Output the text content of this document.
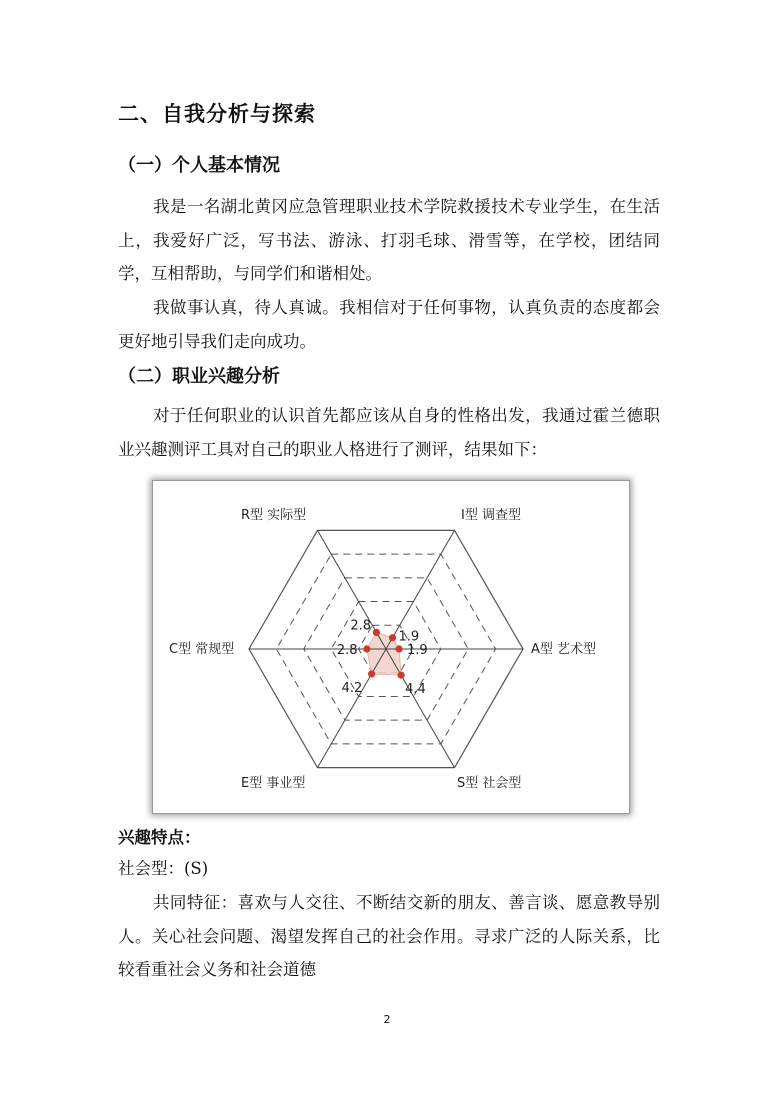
二、自我分析与探索
（一）个人基本情况

我是一名湖北黄冈应急管理职业技术学院救援技术专业学生，在生活上，我爱好广泛，写书法、游泳、打羽毛球、滑雪等，在学校，团结同学，互相帮助，与同学们和谐相处。

我做事认真，待人真诚。我相信对于任何事物，认真负责的态度都会更好地引导我们走向成功。

（二）职业兴趣分析

对于任何职业的认识首先都应该从自身的性格出发，我通过霍兰德职业兴趣测评工具对自己的职业人格进行了测评，结果如下：

2.8
1.9
1.9
4.4
4.2
2.8
R型 实际型	I型 调查型
A型 艺术型
S型 社会型
E型 事业型
C型 常规型
兴趣特点：

社会型：(S)

共同特征：喜欢与人交往、不断结交新的朋友、善言谈、愿意教导别人。关心社会问题、渴望发挥自己的社会作用。寻求广泛的人际关系，比较看重社会义务和社会道德

2
